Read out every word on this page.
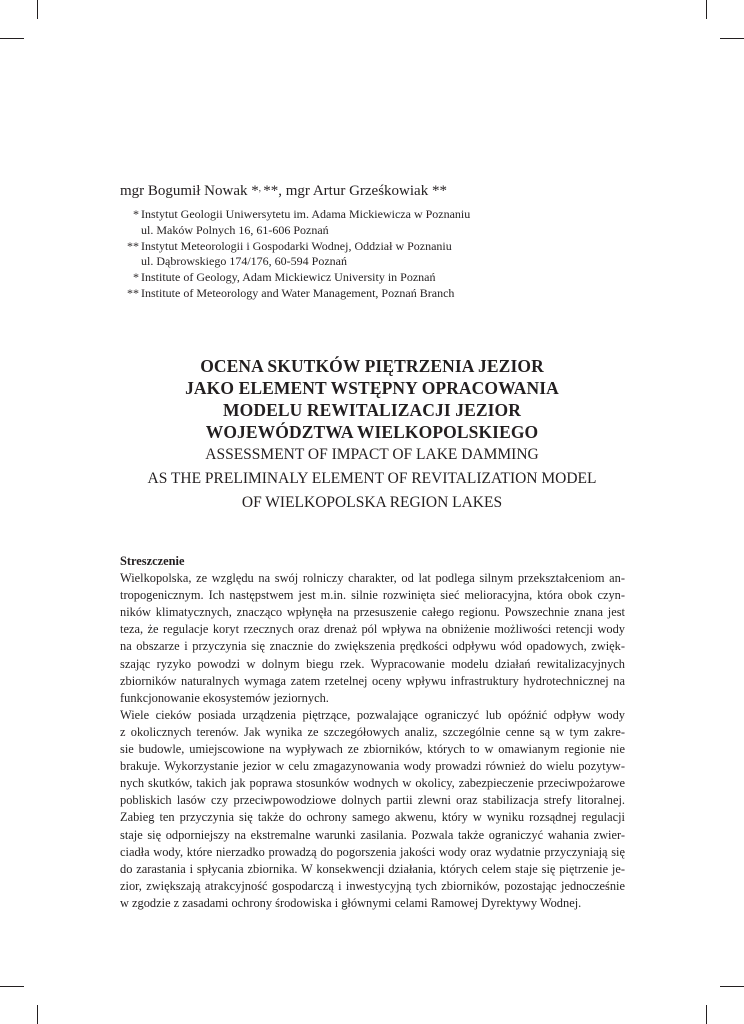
mgr Bogumił Nowak *, **, mgr Artur Grześkowiak **
* Instytut Geologii Uniwersytetu im. Adama Mickiewicza w Poznaniu
ul. Maków Polnych 16, 61-606 Poznań
** Instytut Meteorologii i Gospodarki Wodnej, Oddział w Poznaniu
ul. Dąbrowskiego 174/176, 60-594 Poznań
* Institute of Geology, Adam Mickiewicz University in Poznań
** Institute of Meteorology and Water Management, Poznań Branch
OCENA SKUTKÓW PIĘTRZENIA JEZIOR
JAKO ELEMENT WSTĘPNY OPRACOWANIA
MODELU REWITALIZACJI JEZIOR
WOJEWÓDZTWA WIELKOPOLSKIEGO
ASSESSMENT OF IMPACT OF LAKE DAMMING
AS THE PRELIMINALY ELEMENT OF REVITALIZATION MODEL
OF WIELKOPOLSKA REGION LAKES
Streszczenie
Wielkopolska, ze względu na swój rolniczy charakter, od lat podlega silnym przekształceniom an-
tropogenicznym. Ich następstwem jest m.in. silnie rozwinięta sieć melioracyjna, która obok czyn-
ników klimatycznych, znacząco wpłynęła na przesuszenie całego regionu. Powszechnie znana jest
teza, że regulacje koryt rzecznych oraz drenaż pól wpływa na obniżenie możliwości retencji wody
na obszarze i przyczynia się znacznie do zwiększenia prędkości odpływu wód opadowych, zwięk-
szając ryzyko powodzi w dolnym biegu rzek. Wypracowanie modelu działań rewitalizacyjnych
zbiorników naturalnych wymaga zatem rzetelnej oceny wpływu infrastruktury hydrotechnicznej na
funkcjonowanie ekosystemów jeziornych.
Wiele cieków posiada urządzenia piętrzące, pozwalające ograniczyć lub opóźnić odpływ wody
z okolicznych terenów. Jak wynika ze szczegółowych analiz, szczególnie cenne są w tym zakre-
sie budowle, umiejscowione na wypływach ze zbiorników, których to w omawianym regionie nie
brakuje. Wykorzystanie jezior w celu zmagazynowania wody prowadzi również do wielu pozytyw-
nych skutków, takich jak poprawa stosunków wodnych w okolicy, zabezpieczenie przeciwpożarowe
pobliskich lasów czy przeciwpowodziowe dolnych partii zlewni oraz stabilizacja strefy litoralnej.
Zabieg ten przyczynia się także do ochrony samego akwenu, który w wyniku rozsądnej regulacji
staje się odporniejszy na ekstremalne warunki zasilania. Pozwala także ograniczyć wahania zwier-
ciadła wody, które nierzadko prowadzą do pogorszenia jakości wody oraz wydatnie przyczyniają się
do zarastania i spłycania zbiornika. W konsekwencji działania, których celem staje się piętrzenie je-
zior, zwiększają atrakcyjność gospodarczą i inwestycyjną tych zbiorników, pozostając jednocześnie
w zgodzie z zasadami ochrony środowiska i głównymi celami Ramowej Dyrektywy Wodnej.
